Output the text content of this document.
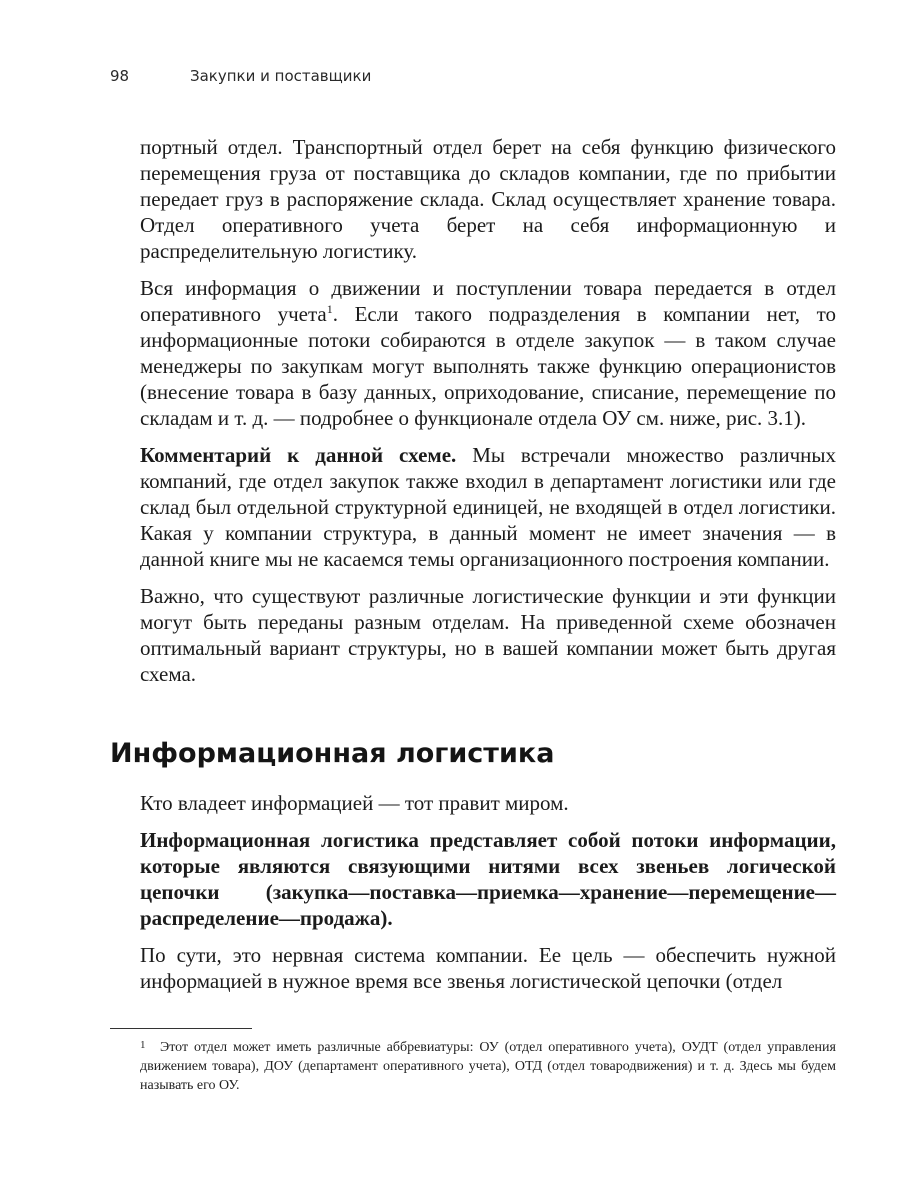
98	Закупки и поставщики

портный отдел. Транспортный отдел берет на себя функцию физического перемещения груза от поставщика до складов компании, где по прибытии передает груз в распоряжение склада. Склад осуществляет хранение товара. Отдел оперативного учета берет на себя информационную и распределительную логистику.

Вся информация о движении и поступлении товара передается в отдел оперативного учета$^1$. Если такого подразделения в компании нет, то информационные потоки собираются в отделе закупок — в таком случае менеджеры по закупкам могут выполнять также функцию операционистов (внесение товара в базу данных, оприходование, списание, перемещение по складам и т. д. — подробнее о функционале отдела ОУ см. ниже, рис. 3.1).

Комментарий к данной схеме. Мы встречали множество различных компаний, где отдел закупок также входил в департамент логистики или где склад был отдельной структурной единицей, не входящей в отдел логистики. Какая у компании структура, в данный момент не имеет значения — в данной книге мы не касаемся темы организационного построения компании.

Важно, что существуют различные логистические функции и эти функции могут быть переданы разным отделам. На приведенной схеме обозначен оптимальный вариант структуры, но в вашей компании может быть другая схема.

Информационная логистика

Кто владеет информацией — тот правит миром.

Информационная логистика представляет собой потоки информации, которые являются связующими нитями всех звеньев логической цепочки (закупка—поставка—приемка—хранение—перемещение—распределение—продажа).

По сути, это нервная система компании. Ее цель — обеспечить нужной информацией в нужное время все звенья логистической цепочки (отдел

1 Этот отдел может иметь различные аббревиатуры: ОУ (отдел оперативного учета), ОУДТ (отдел управления движением товара), ДОУ (департамент оперативного учета), ОТД (отдел товародвижения) и т. д. Здесь мы будем называть его ОУ.
